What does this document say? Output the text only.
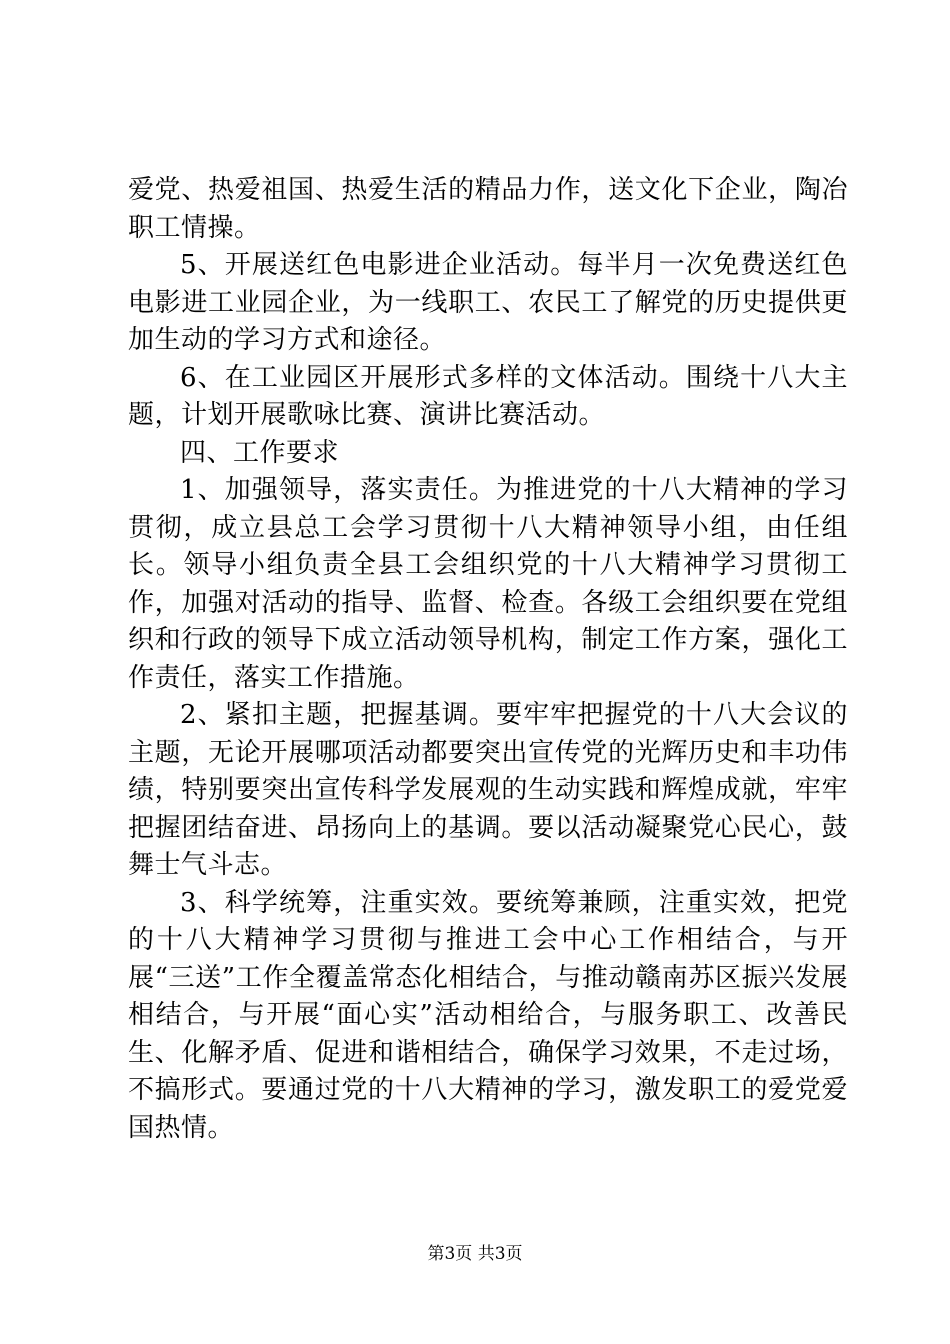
爱党、热爱祖国、热爱生活的精品力作，送文化下企业，陶冶职工情操。

5、开展送红色电影进企业活动。每半月一次免费送红色电影进工业园企业，为一线职工、农民工了解党的历史提供更加生动的学习方式和途径。

6、在工业园区开展形式多样的文体活动。围绕十八大主题，计划开展歌咏比赛、演讲比赛活动。

四、工作要求

1、加强领导，落实责任。为推进党的十八大精神的学习贯彻，成立县总工会学习贯彻十八大精神领导小组，由任组长。领导小组负责全县工会组织党的十八大精神学习贯彻工作，加强对活动的指导、监督、检查。各级工会组织要在党组织和行政的领导下成立活动领导机构，制定工作方案，强化工作责任，落实工作措施。

2、紧扣主题，把握基调。要牢牢把握党的十八大会议的主题，无论开展哪项活动都要突出宣传党的光辉历史和丰功伟绩，特别要突出宣传科学发展观的生动实践和辉煌成就，牢牢把握团结奋进、昂扬向上的基调。要以活动凝聚党心民心，鼓舞士气斗志。

3、科学统筹，注重实效。要统筹兼顾，注重实效，把党的十八大精神学习贯彻与推进工会中心工作相结合，与开展“三送”工作全覆盖常态化相结合，与推动赣南苏区振兴发展相结合，与开展“面心实”活动相给合，与服务职工、改善民生、化解矛盾、促进和谐相结合，确保学习效果，不走过场，不搞形式。要通过党的十八大精神的学习，激发职工的爱党爱国热情。

第3页 共3页
